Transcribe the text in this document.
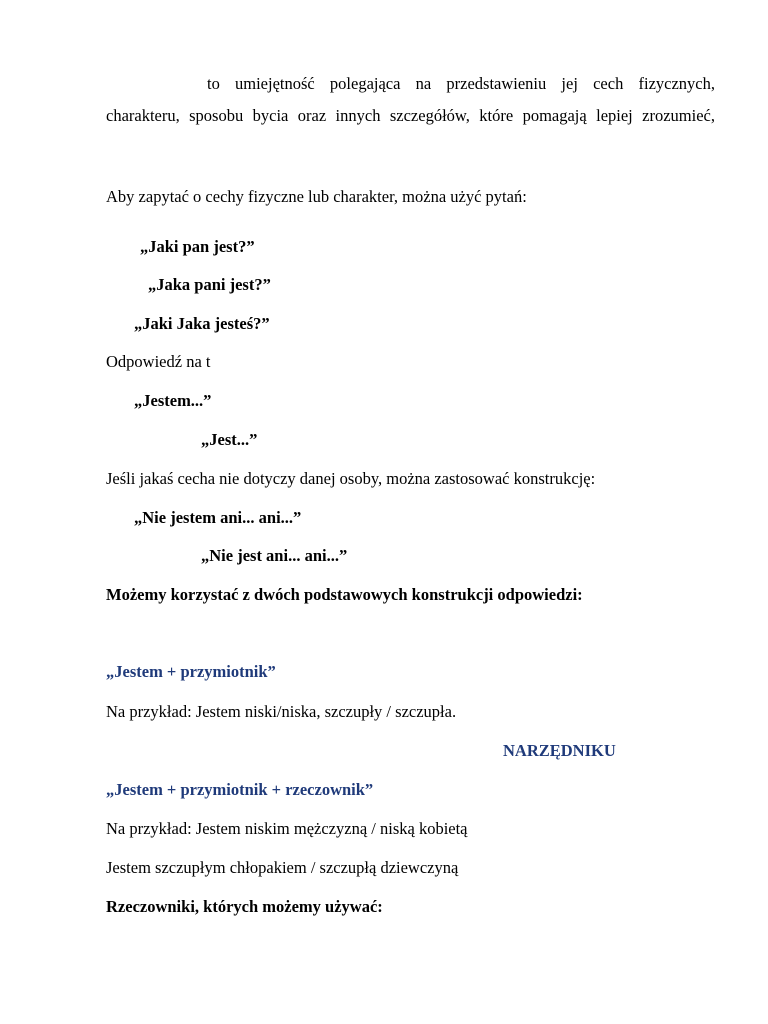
to umiejętność polegająca na przedstawieniu jej cech fizycznych,
charakteru, sposobu bycia oraz innych szczegółów, które pomagają lepiej zrozumieć,
Aby zapytać o cechy fizyczne lub charakter, można użyć pytań:
„Jaki pan jest?”
„Jaka pani jest?”
„Jaki Jaka jesteś?”
Odpowiedź na t
„Jestem...”
„Jest...”
Jeśli jakaś cecha nie dotyczy danej osoby, można zastosować konstrukcję:
„Nie jestem ani... ani...”
„Nie jest ani... ani...”
Możemy korzystać z dwóch podstawowych konstrukcji odpowiedzi:
„Jestem + przymiotnik”
Na przykład: Jestem niski/niska, szczupły / szczupła.
NARZĘDNIKU
„Jestem + przymiotnik + rzeczownik”
Na przykład: Jestem niskim mężczyzną / niską kobietą
Jestem szczupłym chłopakiem / szczupłą dziewczyną
Rzeczowniki, których możemy używać:
